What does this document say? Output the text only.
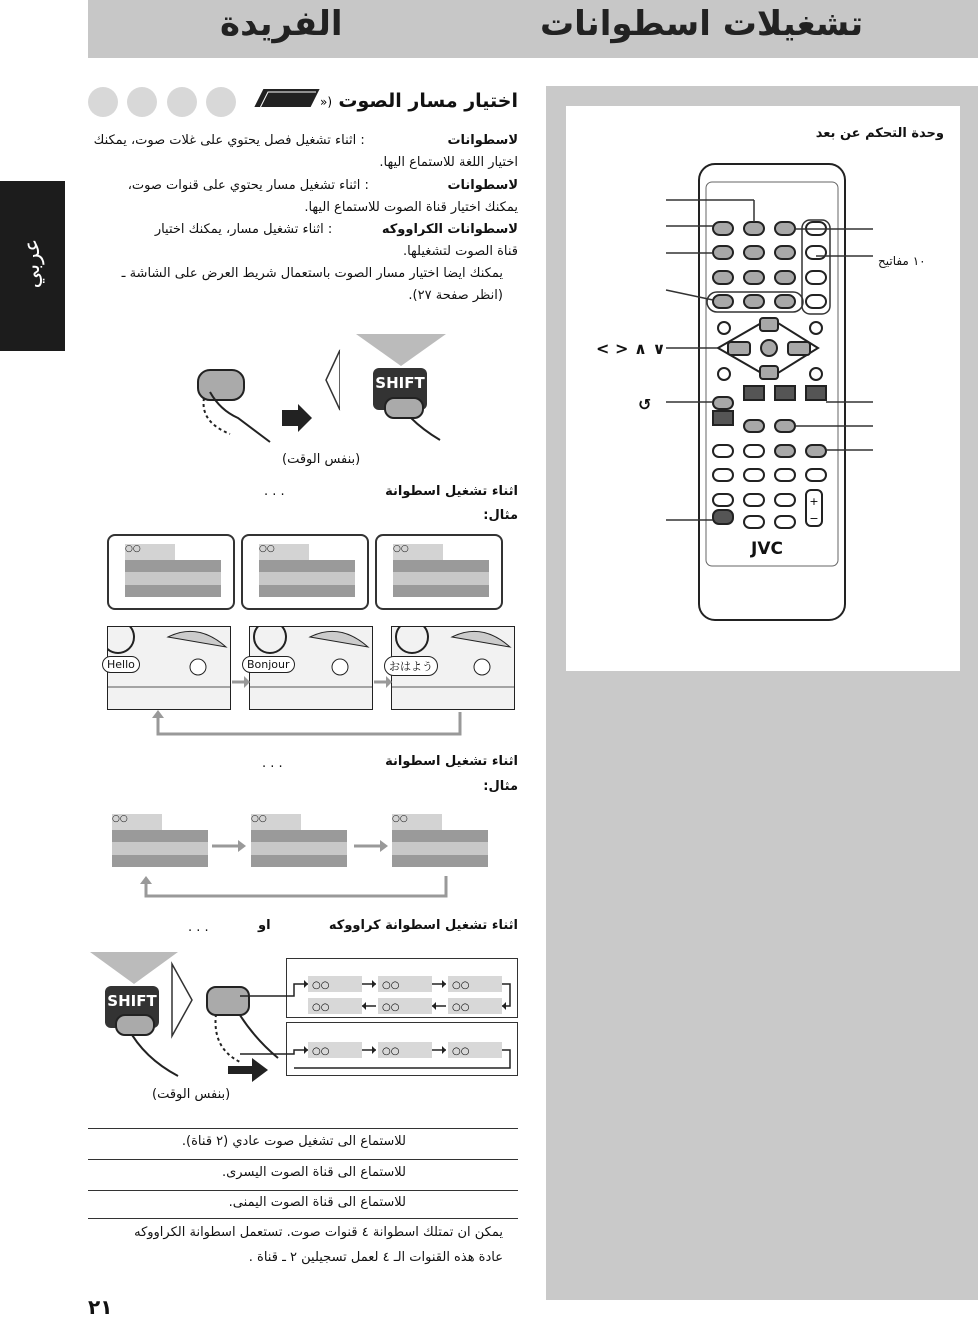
تشغيلات اسطوانات
الفريدة
عربي
وحدة التحكم عن بعد
١٠ مفاتيح
< > ∧ ∨
↺
+
−
JVC
») اختيار مسار الصوت
لاسطوانات                    : اثناء تشغيل فصل يحتوي على غلات صوت، يمكنك
اختيار اللغة للاستماع اليها.
لاسطوانات                   : اثناء تشغيل مسار يحتوي على قنوات صوت،
يمكنك اختيار قناة الصوت للاستماع اليها.
لاسطوانات الكراووكه            : اثناء تشغيل مسار، يمكنك اختيار
قناة الصوت لتشغيلها.
يمكنك ايضا اختيار مسار الصوت باستعمال شريط العرض على الشاشة ـ
(انظر صفحة ٢٧).
SHIFT
(بنفس الوقت)
اثناء تشغيل اسطوانة
. . .
مثال:
○○	○○	○○
Hello	Bonjour	おはよう
اثناء تشغيل اسطوانة
. . .
مثال:
○○	○○	○○
اثناء تشغيل اسطوانة كراووكه
او
. . .
SHIFT
(بنفس الوقت)
○○	○○	○○
○○	○○	○○
○○	○○	○○
للاستماع الى تشغيل صوت عادي (٢ قناة).
للاستماع الى قناة الصوت اليسرى.
للاستماع الى قناة الصوت اليمنى.
يمكن ان تمتلك اسطوانة ٤ قنوات صوت. تستعمل اسطوانة الكراووكه
عادة هذه القنوات الـ ٤ لعمل تسجيلين ٢ ـ قناة .
٢١
